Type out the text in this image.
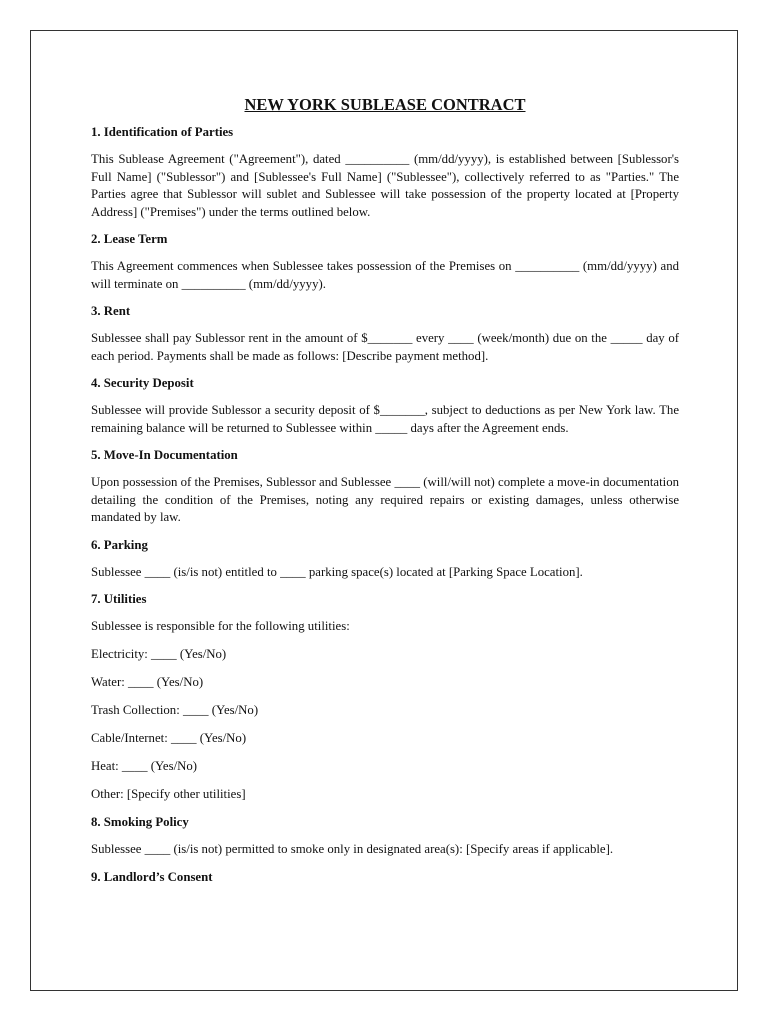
NEW YORK SUBLEASE CONTRACT
1. Identification of Parties
This Sublease Agreement ("Agreement"), dated __________ (mm/dd/yyyy), is established between [Sublessor's Full Name] ("Sublessor") and [Sublessee's Full Name] ("Sublessee"), collectively referred to as "Parties." The Parties agree that Sublessor will sublet and Sublessee will take possession of the property located at [Property Address] ("Premises") under the terms outlined below.
2. Lease Term
This Agreement commences when Sublessee takes possession of the Premises on __________ (mm/dd/yyyy) and will terminate on __________ (mm/dd/yyyy).
3. Rent
Sublessee shall pay Sublessor rent in the amount of $_______ every ____ (week/month) due on the _____ day of each period. Payments shall be made as follows: [Describe payment method].
4. Security Deposit
Sublessee will provide Sublessor a security deposit of $_______, subject to deductions as per New York law. The remaining balance will be returned to Sublessee within _____ days after the Agreement ends.
5. Move-In Documentation
Upon possession of the Premises, Sublessor and Sublessee ____ (will/will not) complete a move-in documentation detailing the condition of the Premises, noting any required repairs or existing damages, unless otherwise mandated by law.
6. Parking
Sublessee ____ (is/is not) entitled to ____ parking space(s) located at [Parking Space Location].
7. Utilities
Sublessee is responsible for the following utilities:
Electricity: ____ (Yes/No)
Water: ____ (Yes/No)
Trash Collection: ____ (Yes/No)
Cable/Internet: ____ (Yes/No)
Heat: ____ (Yes/No)
Other: [Specify other utilities]
8. Smoking Policy
Sublessee ____ (is/is not) permitted to smoke only in designated area(s): [Specify areas if applicable].
9. Landlord’s Consent
